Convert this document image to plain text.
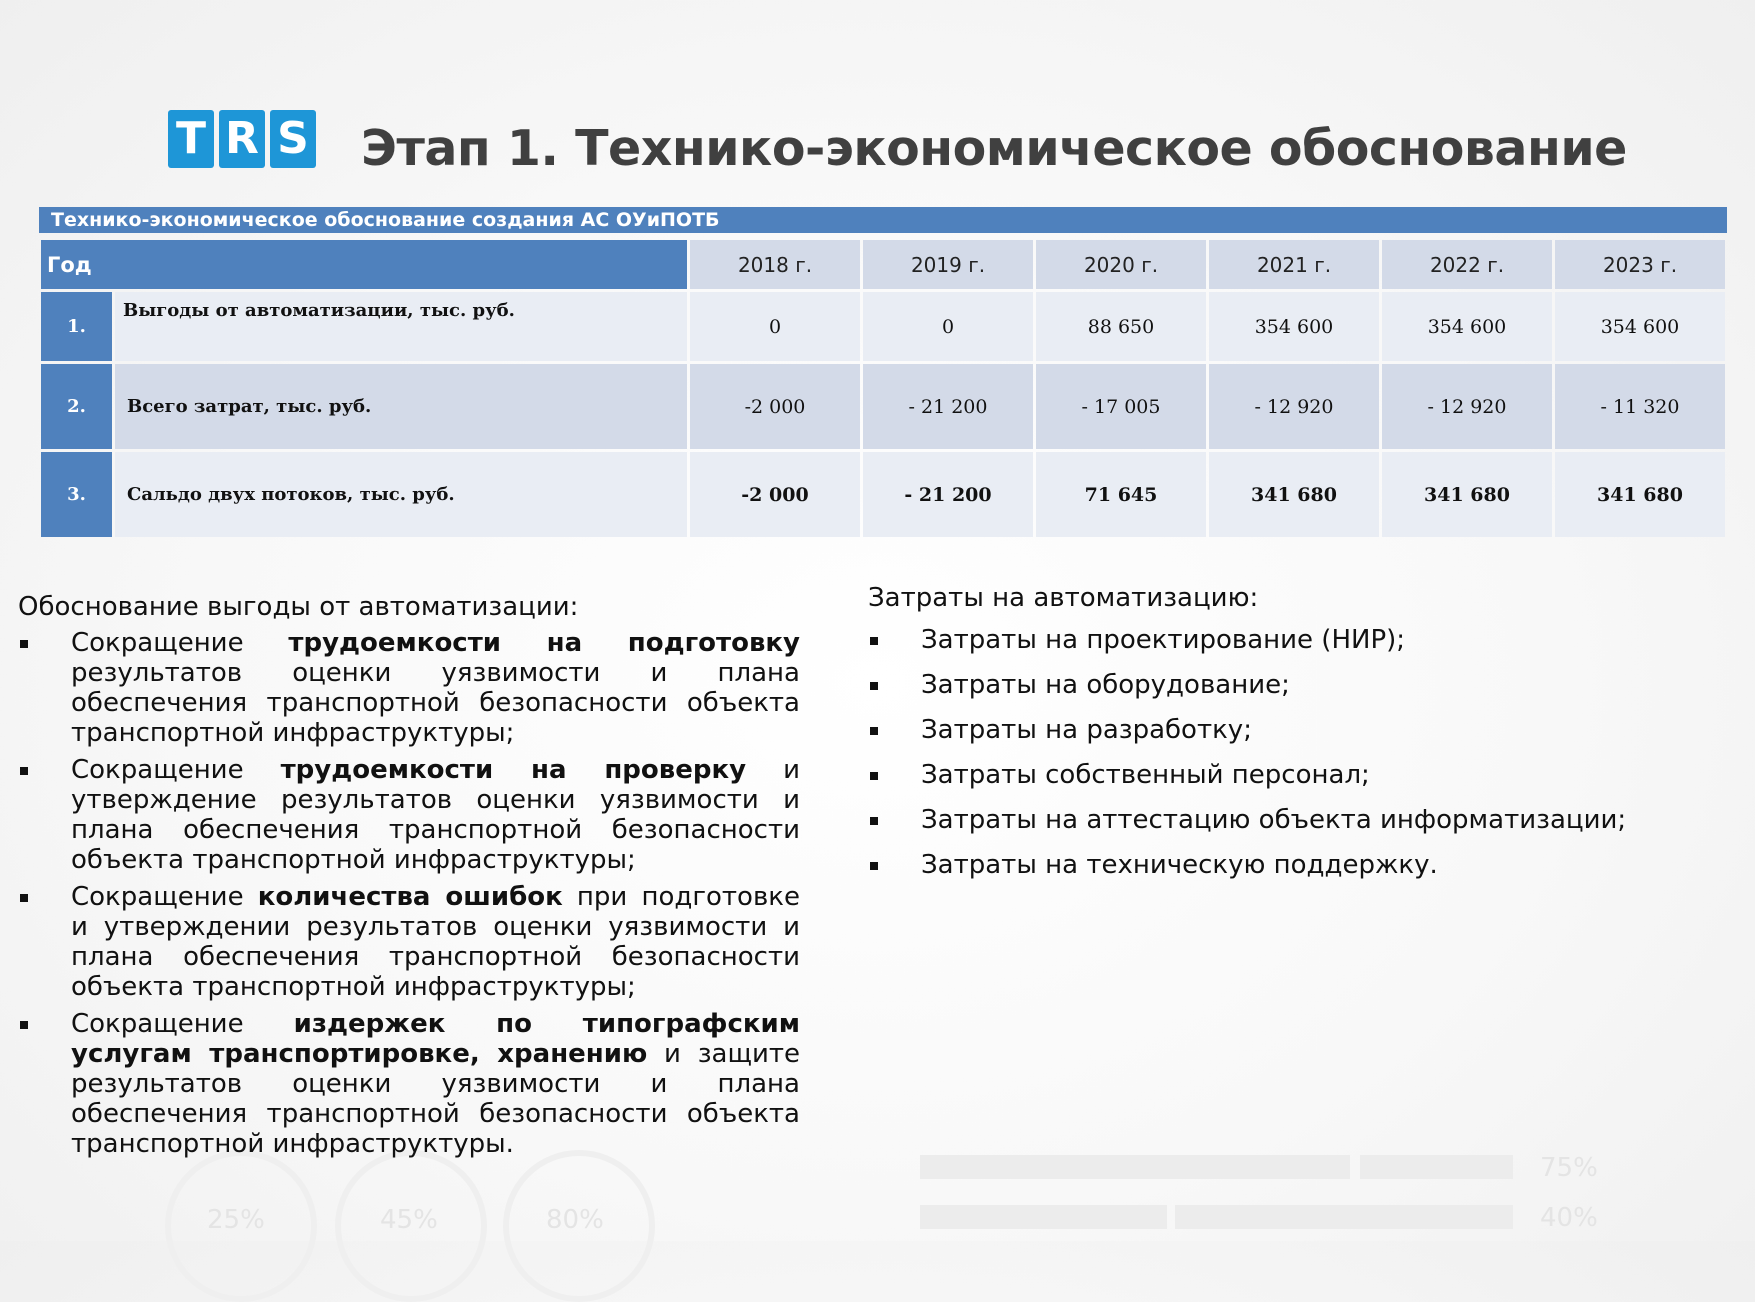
25%	45%	80%
75%
40%
T R S Этап 1. Технико-экономическое обоснование
Технико-экономическое обоснование создания АС ОУиПОТБ
Год		2018 г.	2019 г.	2020 г.	2021 г.	2022 г.	2023 г.
1.	Выгоды от автоматизации, тыс. руб.	0	0	88 650	354 600	354 600	354 600
2.	Всего затрат, тыс. руб.	-2 000	- 21 200	- 17 005	- 12 920	- 12 920	- 11 320
3.	Сальдо двух потоков, тыс. руб.	-2 000	- 21 200	71 645	341 680	341 680	341 680

Обоснование выгоды от автоматизации:

Сокращение трудоемкости на подготовку результатов оценки уязвимости и плана обеспечения транспортной безопасности объекта транспортной инфраструктуры;
Сокращение трудоемкости на проверку и утверждение результатов оценки уязвимости и плана обеспечения транспортной безопасности объекта транспортной инфраструктуры;
Сокращение количества ошибок при подготовке и утверждении результатов оценки уязвимости и плана обеспечения транспортной безопасности объекта транспортной инфраструктуры;
Сокращение издержек по типографским услугам транспортировке, хранению и защите результатов оценки уязвимости и плана обеспечения транспортной безопасности объекта транспортной инфраструктуры.

Затраты на автоматизацию:

Затраты на проектирование (НИР);
Затраты на оборудование;
Затраты на разработку;
Затраты собственный персонал;
Затраты на аттестацию объекта информатизации;
Затраты на техническую поддержку.
